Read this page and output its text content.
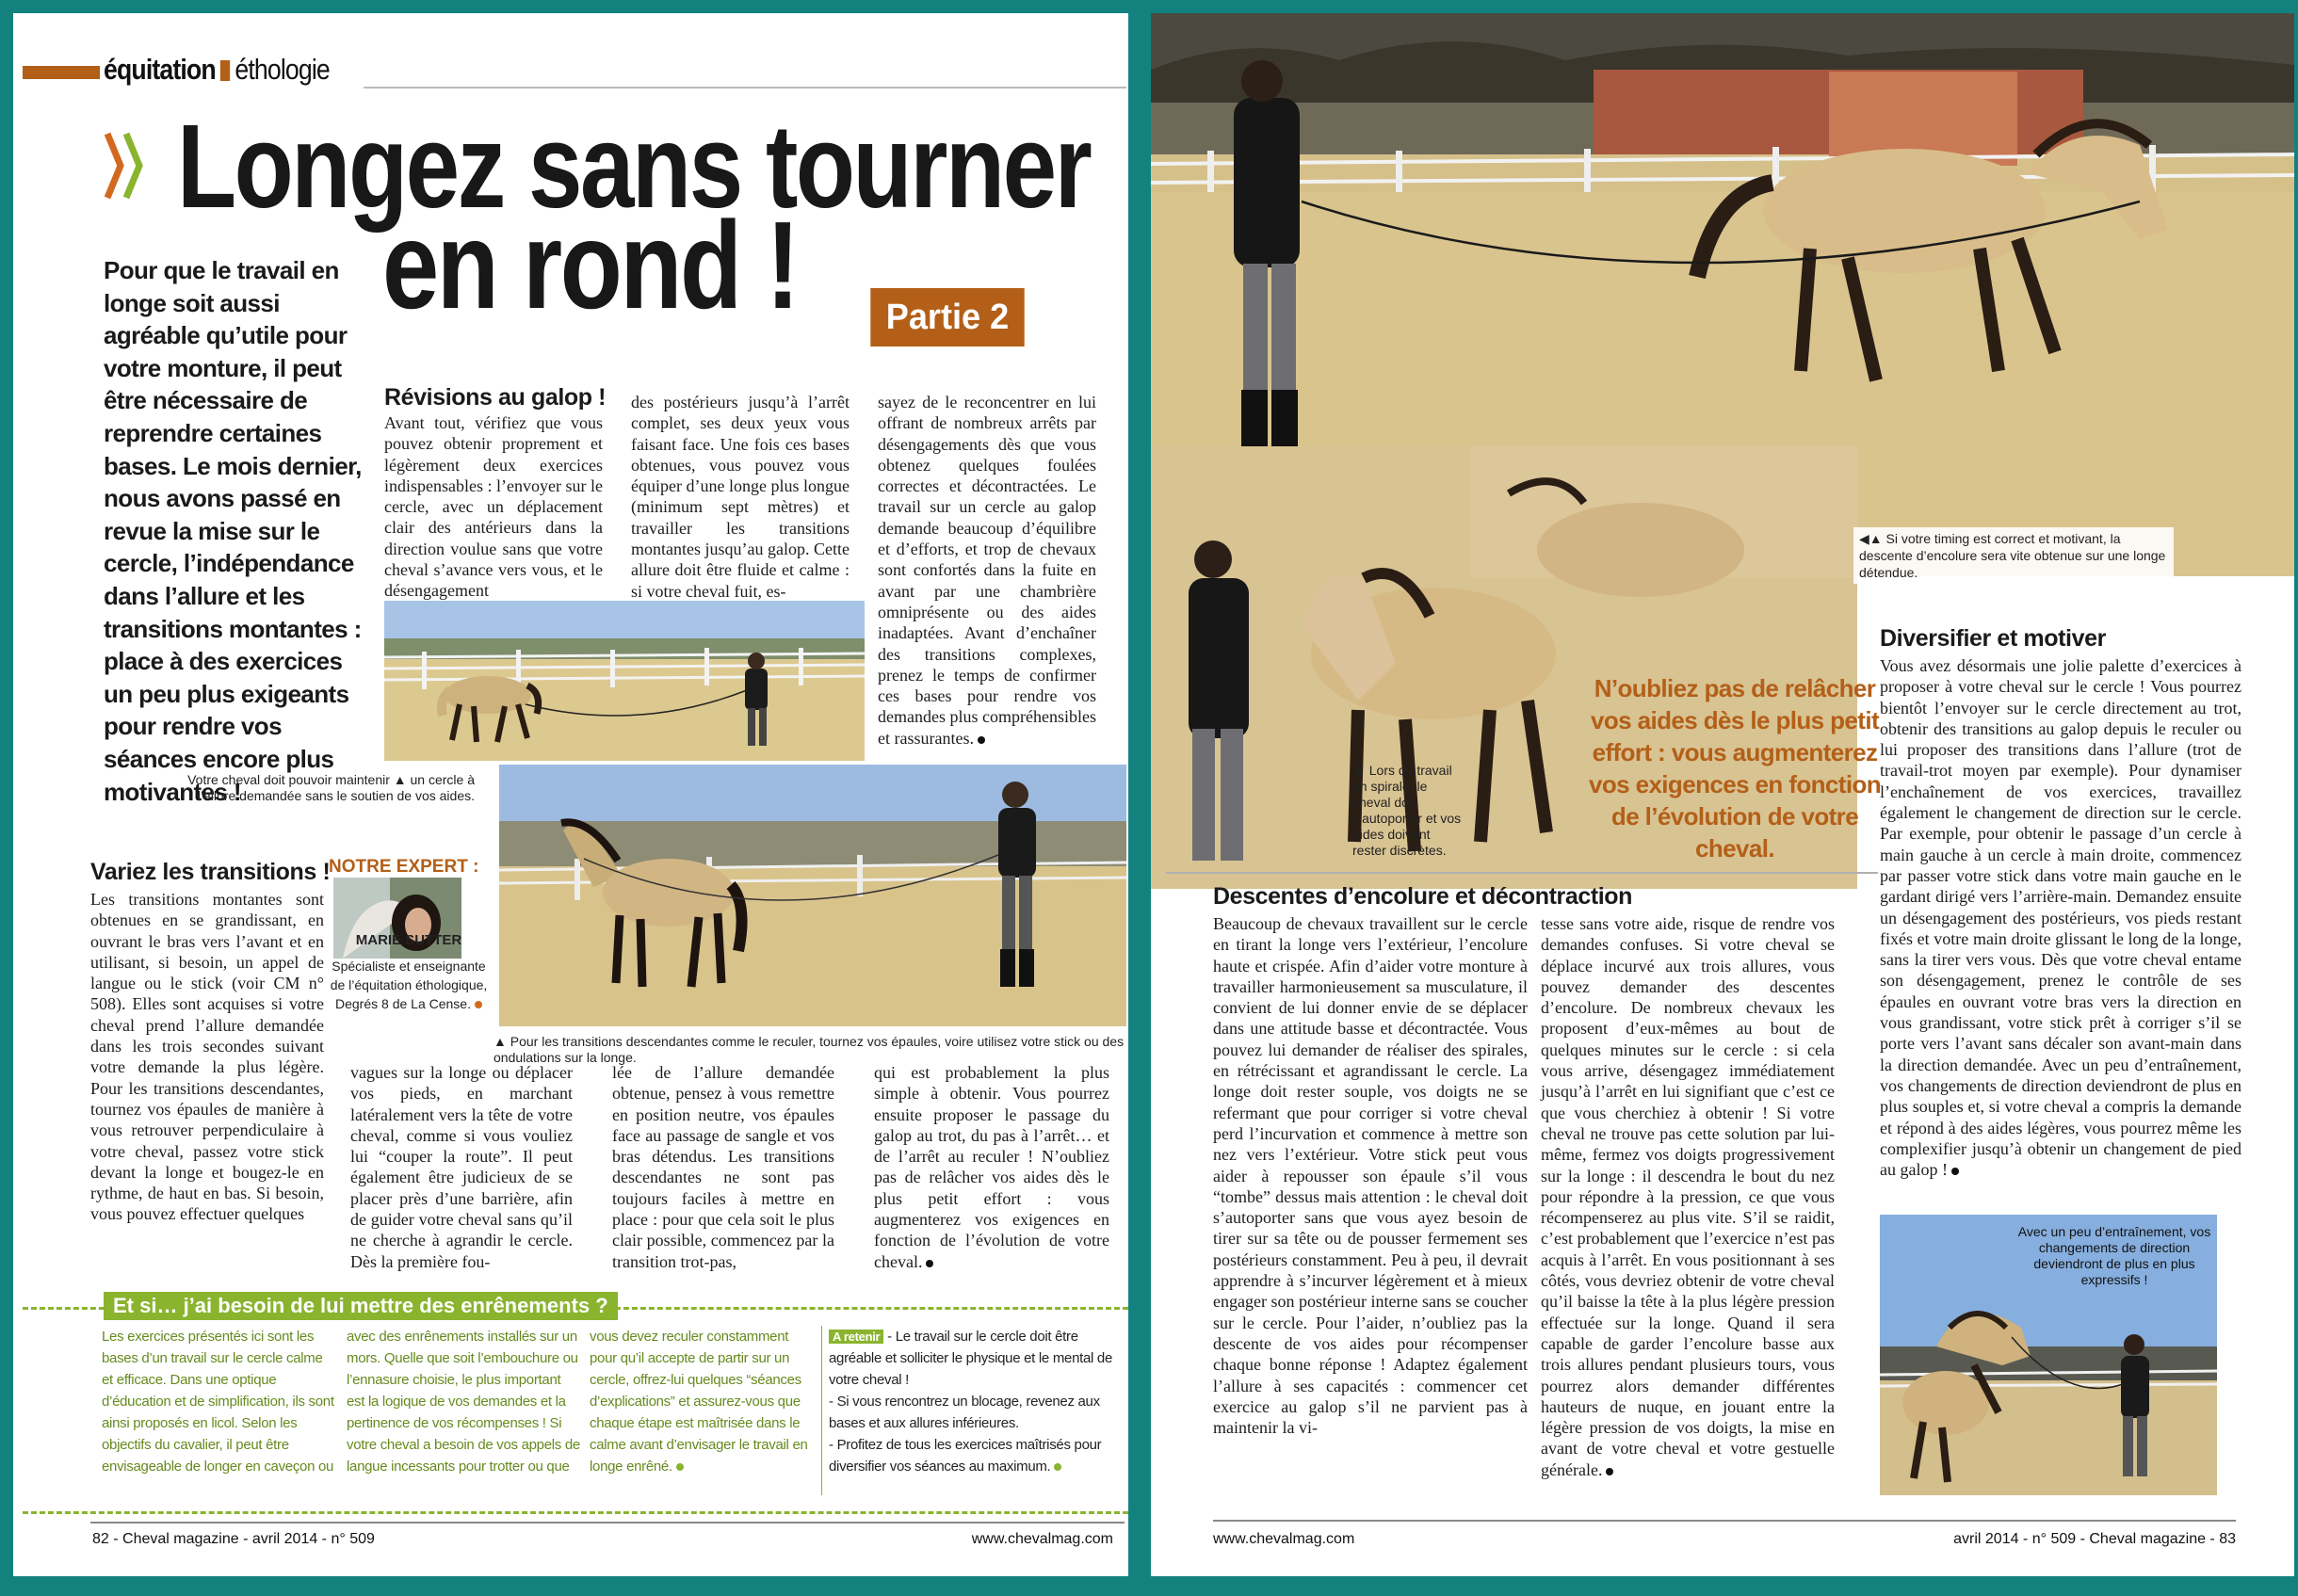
équitation éthologie
Longez sans tourner
en rond !	Partie 2
Pour que le travail en longe soit aussi agréable qu’utile pour votre monture, il peut être nécessaire de reprendre certaines bases. Le mois dernier, nous avons passé en revue la mise sur le cercle, l’indépendance dans l’allure et les transitions montantes : place à des exercices un peu plus exigeants pour rendre vos séances encore plus motivantes !
Révisions au galop !
Avant tout, vérifiez que vous pouvez obtenir proprement et légèrement deux exercices indispensables : l’envoyer sur le cercle, avec un déplacement clair des antérieurs dans la direction voulue sans que votre cheval s’avance vers vous, et le désengagement
des postérieurs jusqu’à l’arrêt complet, ses deux yeux vous faisant face. Une fois ces bases obtenues, vous pouvez vous équiper d’une longe plus longue (minimum sept mètres) et travailler les transitions montantes jusqu’au galop. Cette allure doit être fluide et calme : si votre cheval fuit, es-
sayez de le reconcentrer en lui offrant de nombreux arrêts par désengagements dès que vous obtenez quelques foulées correctes et décontractées. Le travail sur un cercle au galop demande beaucoup d’équilibre et d’efforts, et trop de chevaux sont confortés dans la fuite en avant par une chambrière omniprésente ou des aides inadaptées. Avant d’enchaîner des transitions complexes, prenez le temps de confirmer ces bases pour rendre vos demandes plus compréhensibles et rassurantes.
Votre cheval doit pouvoir maintenir ▲ un cercle à l’allure demandée sans le soutien de vos aides.
▲ Pour les transitions descendantes comme le reculer, tournez vos épaules, voire utilisez votre stick ou des ondulations sur la longe.
NOTRE EXPERT :
MARIE SUTTER
Spécialiste et enseignante de l’équitation éthologique, Degrés 8 de La Cense.
Variez les transitions !
Les transitions montantes sont obtenues en se grandissant, en ouvrant le bras vers l’avant et en utilisant, si besoin, un appel de langue ou le stick (voir CM n° 508). Elles sont acquises si votre cheval prend l’allure demandée dans les trois secondes suivant votre demande la plus légère. Pour les transitions descendantes, tournez vos épaules de manière à vous retrouver perpendiculaire à votre cheval, passez votre stick devant la longe et bougez-le en rythme, de haut en bas. Si besoin, vous pouvez effectuer quelques
vagues sur la longe ou déplacer vos pieds, en marchant latéralement vers la tête de votre cheval, comme si vous vouliez lui “couper la route”. Il peut également être judicieux de se placer près d’une barrière, afin de guider votre cheval sans qu’il ne cherche à agrandir le cercle. Dès la première fou-
lée de l’allure demandée obtenue, pensez à vous remettre en position neutre, vos épaules face au passage de sangle et vos bras détendus. Les transitions descendantes ne sont pas toujours faciles à mettre en place : pour que cela soit le plus clair possible, commencez par la transition trot-pas,
qui est probablement la plus simple à obtenir. Vous pourrez ensuite proposer le passage du galop au trot, du pas à l’arrêt… et de l’arrêt au reculer ! N’oubliez pas de relâcher vos aides dès le plus petit effort : vous augmenterez vos exigences en fonction de l’évolution de votre cheval.
Et si… j’ai besoin de lui mettre des enrênements ?
Les exercices présentés ici sont les bases d’un travail sur le cercle calme et efficace. Dans une optique d’éducation et de simplification, ils sont ainsi proposés en licol. Selon les objectifs du cavalier, il peut être envisageable de longer en caveçon ou
avec des enrênements installés sur un mors. Quelle que soit l’embouchure ou l’ennasure choisie, le plus important est la logique de vos demandes et la pertinence de vos récompenses ! Si votre cheval a besoin de vos appels de langue incessants pour trotter ou que
vous devez reculer constamment pour qu’il accepte de partir sur un cercle, offrez-lui quelques “séances d’explications” et assurez-vous que chaque étape est maîtrisée dans le calme avant d’envisager le travail en longe enrêné.
A retenir - Le travail sur le cercle doit être agréable et solliciter le physique et le mental de votre cheval !
- Si vous rencontrez un blocage, revenez aux bases et aux allures inférieures.
- Profitez de tous les exercices maîtrisés pour diversifier vos séances au maximum.
82 - Cheval magazine - avril 2014 - n° 509	www.chevalmag.com
◀▲ Si votre timing est correct et motivant, la descente d’encolure sera vite obtenue sur une longe détendue.
▲ Lors du travail en spirale, le cheval doit s’autoporter et vos aides doivent rester discrètes.
N’oubliez pas de relâcher vos aides dès le plus petit effort : vous augmenterez vos exigences en fonction de l’évolution de votre cheval.
Descentes d’encolure et décontraction
Beaucoup de chevaux travaillent sur le cercle en tirant la longe vers l’extérieur, l’encolure haute et crispée. Afin d’aider votre monture à travailler harmonieusement sa musculature, il convient de lui donner envie de se déplacer dans une attitude basse et décontractée. Vous pouvez lui demander de réaliser des spirales, en rétrécissant et agrandissant le cercle. La longe doit rester souple, vos doigts ne se refermant que pour corriger si votre cheval perd l’incurvation et commence à mettre son nez vers l’extérieur. Votre stick peut vous aider à repousser son épaule s’il vous “tombe” dessus mais attention : le cheval doit s’autoporter sans que vous ayez besoin de tirer sur sa tête ou de pousser fermement ses postérieurs constamment. Peu à peu, il devrait apprendre à s’incurver légèrement et à mieux engager son postérieur interne sans se coucher sur le cercle. Pour l’aider, n’oubliez pas la descente de vos aides pour récompenser chaque bonne réponse ! Adaptez également l’allure à ses capacités : commencer cet exercice au galop s’il ne parvient pas à maintenir la vi-
tesse sans votre aide, risque de rendre vos demandes confuses. Si votre cheval se déplace incurvé aux trois allures, vous pouvez demander des descentes d’encolure. De nombreux chevaux les proposent d’eux-mêmes au bout de quelques minutes sur le cercle : si cela vous arrive, désengagez immédiatement jusqu’à l’arrêt en lui signifiant que c’est ce que vous cherchiez à obtenir ! Si votre cheval ne trouve pas cette solution par lui-même, fermez vos doigts progressivement sur la longe : il descendra le bout du nez pour répondre à la pression, ce que vous récompenserez au plus vite. S’il se raidit, c’est probablement que l’exercice n’est pas acquis à l’arrêt. En vous positionnant à ses côtés, vous devriez obtenir de votre cheval qu’il baisse la tête à la plus légère pression effectuée sur la longe. Quand il sera capable de garder l’encolure basse aux trois allures pendant plusieurs tours, vous pourrez alors demander différentes hauteurs de nuque, en jouant entre la légère pression de vos doigts, la mise en avant de votre cheval et votre gestuelle générale.
Diversifier et motiver
Vous avez désormais une jolie palette d’exercices à proposer à votre cheval sur le cercle ! Vous pourrez bientôt l’envoyer sur le cercle directement au trot, obtenir des transitions au galop depuis le reculer ou lui proposer des transitions dans l’allure (trot de travail-trot moyen par exemple). Pour dynamiser l’enchaînement de vos exercices, travaillez également le changement de direction sur le cercle. Par exemple, pour obtenir le passage d’un cercle à main gauche à un cercle à main droite, commencez par passer votre stick dans votre main gauche en le gardant dirigé vers l’arrière-main. Demandez ensuite un désengagement des postérieurs, vos pieds restant fixés et votre main droite glissant le long de la longe, sans la tirer vers vous. Dès que votre cheval entame son désengagement, prenez le contrôle de ses épaules en ouvrant votre bras vers la direction en vous grandissant, votre stick prêt à corriger s’il se porte vers l’avant sans décaler son avant-main dans la direction demandée. Avec un peu d’entraînement, vos changements de direction deviendront de plus en plus souples et, si votre cheval a compris la demande et répond à des aides légères, vous pourrez même les complexifier jusqu’à obtenir un changement de pied au galop !
Avec un peu d’entraînement, vos changements de direction deviendront de plus en plus expressifs !
www.chevalmag.com	avril 2014 - n° 509 - Cheval magazine - 83
